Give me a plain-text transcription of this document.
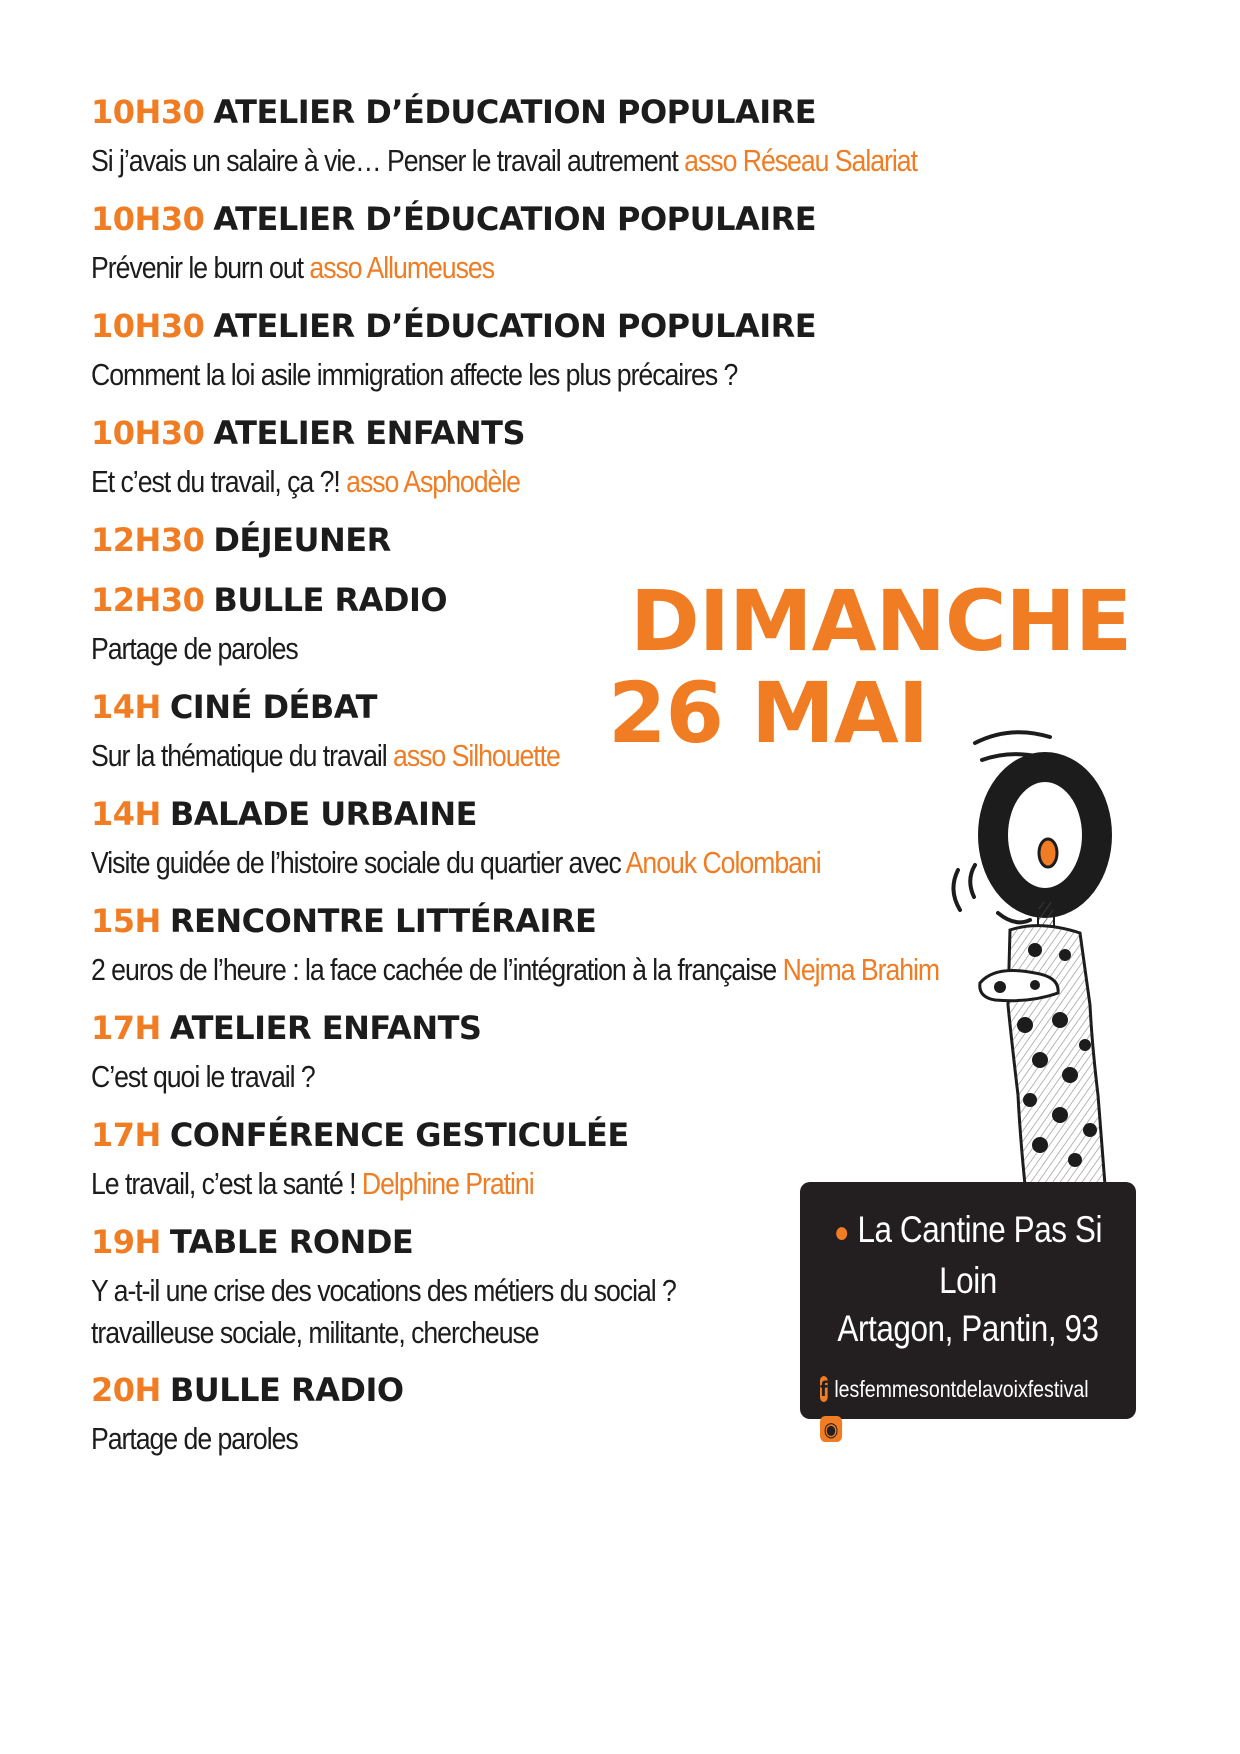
10H30 ATELIER D’ÉDUCATION POPULAIRE
Si j’avais un salaire à vie… Penser le travail autrement asso Réseau Salariat
10H30 ATELIER D’ÉDUCATION POPULAIRE
Prévenir le burn out asso Allumeuses
10H30 ATELIER D’ÉDUCATION POPULAIRE
Comment la loi asile immigration affecte les plus précaires ?
10H30 ATELIER ENFANTS
Et c’est du travail, ça ?! asso Asphodèle
12H30 DÉJEUNER
12H30 BULLE RADIO
Partage de paroles
14H CINÉ DÉBAT
Sur la thématique du travail asso Silhouette
14H BALADE URBAINE
Visite guidée de l’histoire sociale du quartier avec Anouk Colombani
15H RENCONTRE LITTÉRAIRE
2 euros de l’heure : la face cachée de l’intégration à la française Nejma Brahim
17H ATELIER ENFANTS
C’est quoi le travail ?
17H CONFÉRENCE GESTICULÉE
Le travail, c’est la santé ! Delphine Pratini
19H TABLE RONDE
Y a-t-il une crise des vocations des métiers du social ?
travailleuse sociale, militante, chercheuse
20H BULLE RADIO
Partage de paroles
DIMANCHE
26 MAI
● La Cantine Pas Si Loin
Artagon, Pantin, 93
f lesfemmesontdelavoixfestival
◉ lesfemmesontdelavoix
